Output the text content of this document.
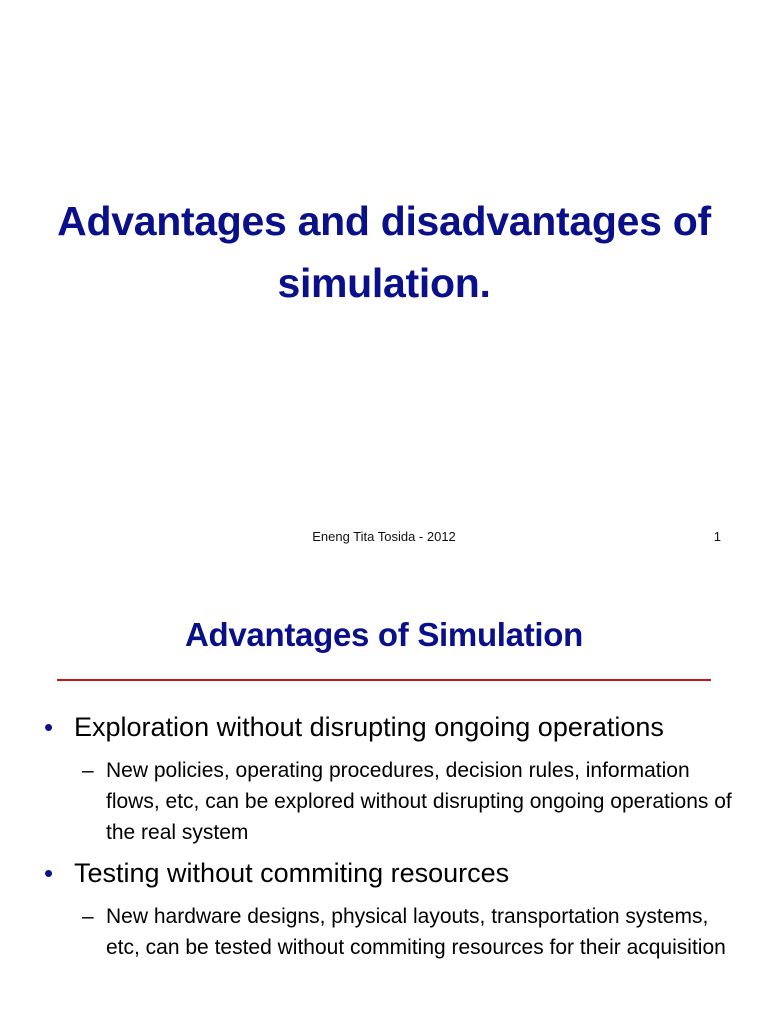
Advantages and disadvantages of
simulation.
Eneng Tita Tosida - 2012	1
Advantages of Simulation
• Exploration without disrupting ongoing operations
– New policies, operating procedures, decision rules, information flows, etc, can be explored without disrupting ongoing operations of the real system
• Testing without commiting resources
– New hardware designs, physical layouts, transportation systems, etc, can be tested without commiting resources for their acquisition
